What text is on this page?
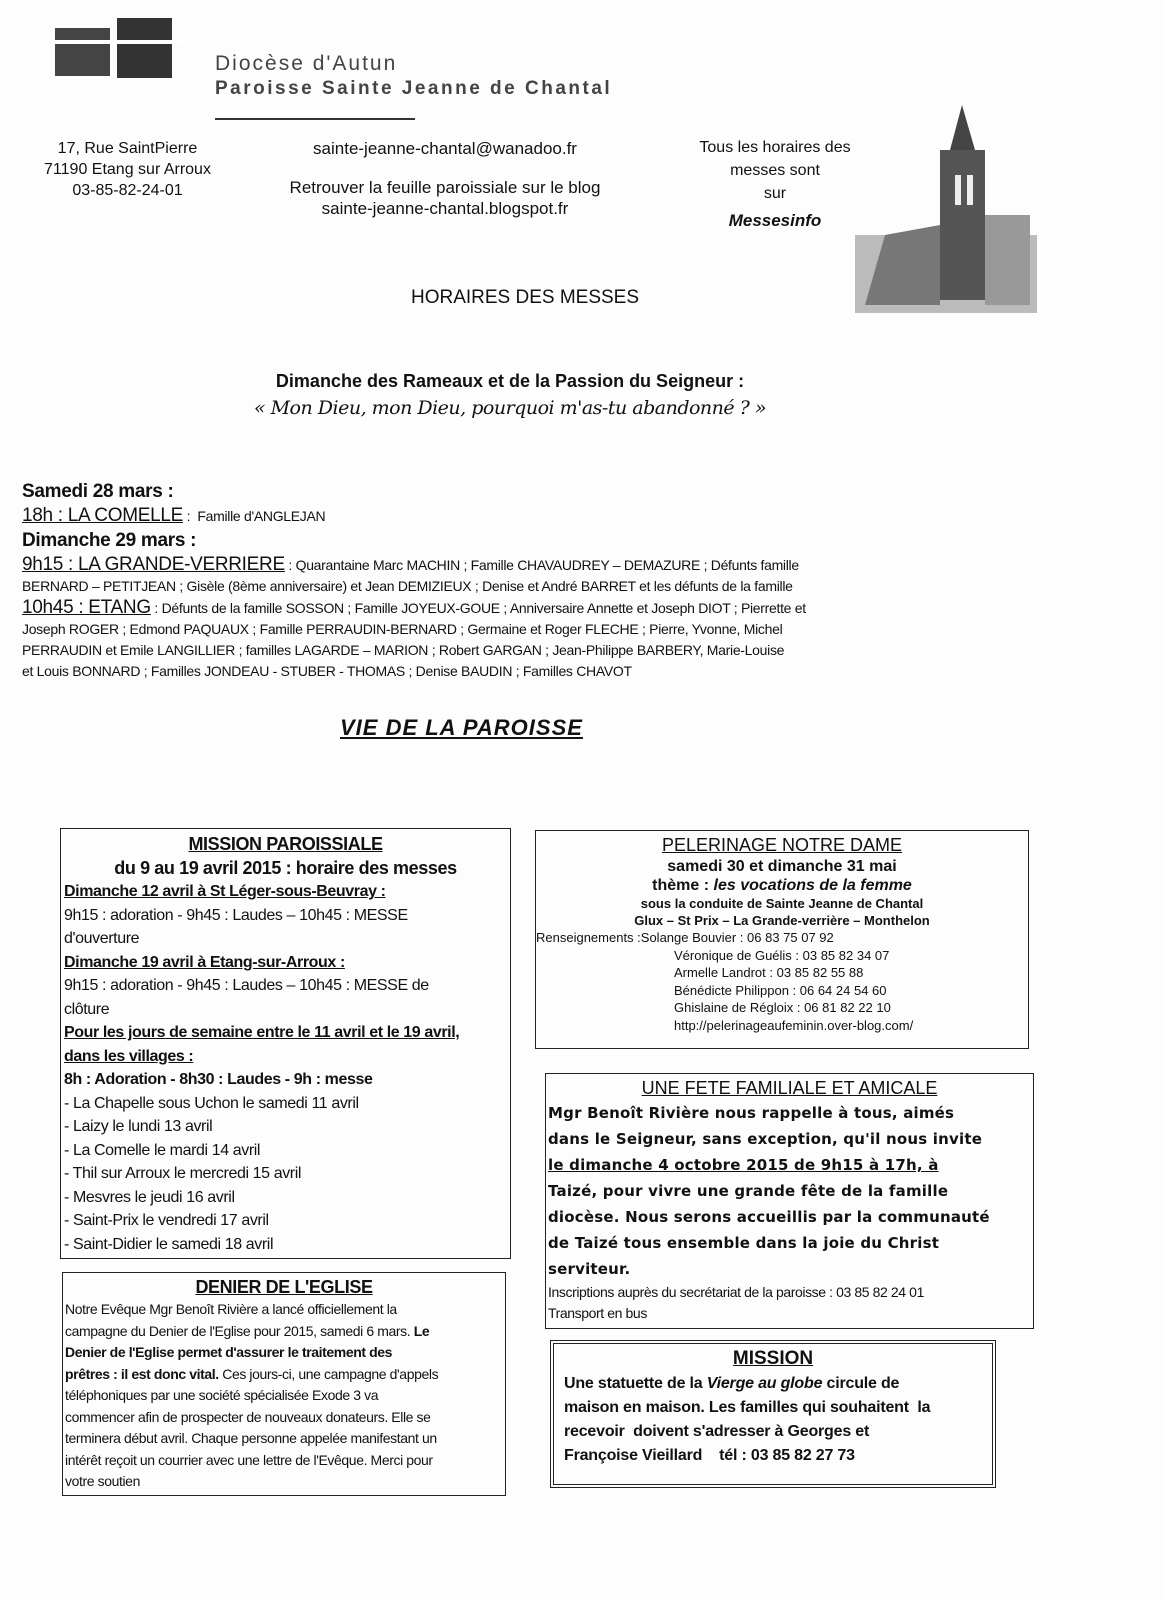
Diocèse d'Autun
Paroisse Sainte Jeanne de Chantal
17, Rue SaintPierre
71190 Etang sur Arroux
03-85-82-24-01
sainte-jeanne-chantal@wanadoo.fr
Retrouver la feuille paroissiale sur le blog
sainte-jeanne-chantal.blogspot.fr
Tous les horaires des
messes sont
sur
Messesinfo
HORAIRES DES MESSES
Dimanche des Rameaux et de la Passion du Seigneur :
« Mon Dieu, mon Dieu, pourquoi m'as-tu abandonné ? »
Samedi 28 mars :
18h : LA COMELLE :  Famille d'ANGLEJAN
Dimanche 29 mars :
9h15 : LA GRANDE-VERRIERE : Quarantaine Marc MACHIN ; Famille CHAVAUDREY – DEMAZURE ; Défunts famille
BERNARD – PETITJEAN ; Gisèle (8ème anniversaire) et Jean DEMIZIEUX ; Denise et André BARRET et les défunts de la famille
10h45 : ETANG : Défunts de la famille SOSSON ; Famille JOYEUX-GOUE ; Anniversaire Annette et Joseph DIOT ; Pierrette et
Joseph ROGER ; Edmond PAQUAUX ; Famille PERRAUDIN-BERNARD ; Germaine et Roger FLECHE ; Pierre, Yvonne, Michel
PERRAUDIN et Emile LANGILLIER ; familles LAGARDE – MARION ; Robert GARGAN ; Jean-Philippe BARBERY, Marie-Louise
et Louis BONNARD ; Familles JONDEAU - STUBER - THOMAS ; Denise BAUDIN ; Familles CHAVOT
VIE DE LA PAROISSE
MISSION PAROISSIALE
du 9 au 19 avril 2015 : horaire des messes
Dimanche 12 avril à St Léger-sous-Beuvray :
9h15 : adoration - 9h45 : Laudes – 10h45 : MESSE
d'ouverture
Dimanche 19 avril à Etang-sur-Arroux :
9h15 : adoration - 9h45 : Laudes – 10h45 : MESSE de
clôture
Pour les jours de semaine entre le 11 avril et le 19 avril,
dans les villages :
8h : Adoration - 8h30 : Laudes - 9h : messe
- La Chapelle sous Uchon le samedi 11 avril
- Laizy le lundi 13 avril
- La Comelle le mardi 14 avril
- Thil sur Arroux le mercredi 15 avril
- Mesvres le jeudi 16 avril
- Saint-Prix le vendredi 17 avril
- Saint-Didier le samedi 18 avril
DENIER DE L'EGLISE
Notre Evêque Mgr Benoît Rivière a lancé officiellement la
campagne du Denier de l'Eglise pour 2015, samedi 6 mars. Le
Denier de l'Eglise permet d'assurer le traitement des
prêtres : il est donc vital. Ces jours-ci, une campagne d'appels
téléphoniques par une société spécialisée Exode 3 va
commencer afin de prospecter de nouveaux donateurs. Elle se
terminera début avril. Chaque personne appelée manifestant un
intérêt reçoit un courrier avec une lettre de l'Evêque. Merci pour
votre soutien
PELERINAGE NOTRE DAME
samedi 30 et dimanche 31 mai
thème : les vocations de la femme
sous la conduite de Sainte Jeanne de Chantal
Glux – St Prix – La Grande-verrière – Monthelon
Renseignements :Solange Bouvier : 06 83 75 07 92
Véronique de Guélis : 03 85 82 34 07
Armelle Landrot : 03 85 82 55 88
Bénédicte Philippon : 06 64 24 54 60
Ghislaine de Régloix : 06 81 82 22 10
http://pelerinageaufeminin.over-blog.com/
UNE FETE FAMILIALE ET AMICALE
Mgr Benoît Rivière nous rappelle à tous, aimés
dans le Seigneur, sans exception, qu'il nous invite
le dimanche 4 octobre 2015 de 9h15 à 17h, à
Taizé, pour vivre une grande fête de la famille
diocèse. Nous serons accueillis par la communauté
de Taizé tous ensemble dans la joie du Christ
serviteur.
Inscriptions auprès du secrétariat de la paroisse : 03 85 82 24 01
Transport en bus
MISSION
Une statuette de la Vierge au globe circule de
maison en maison. Les familles qui souhaitent  la
recevoir  doivent s'adresser à Georges et
Françoise Vieillard    tél : 03 85 82 27 73
